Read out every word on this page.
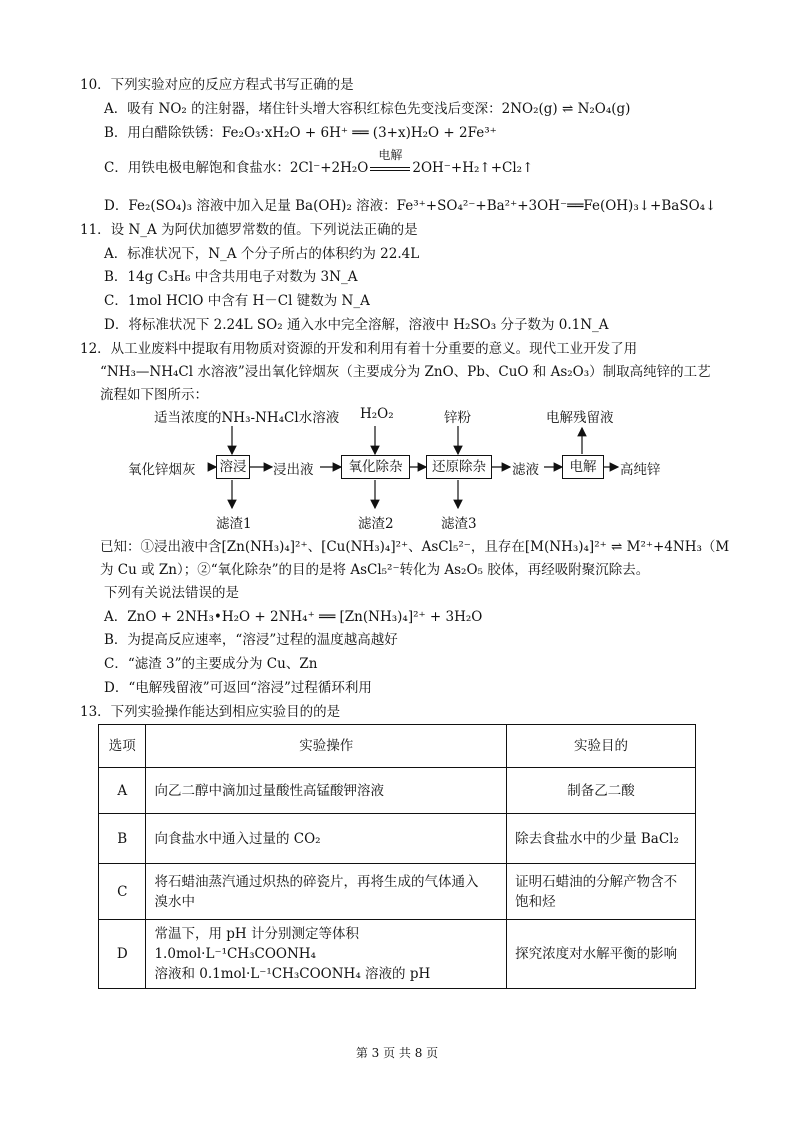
10．下列实验对应的反应方程式书写正确的是
A．吸有 NO₂ 的注射器，堵住针头增大容积红棕色先变浅后变深：2NO₂(g) ⇌ N₂O₄(g)
B．用白醋除铁锈：Fe₂O₃·xH₂O + 6H⁺ ══ (3+x)H₂O + 2Fe³⁺
C．用铁电极电解饱和食盐水：2Cl⁻+2H₂O
电解
2OH⁻+H₂↑+Cl₂↑
D．Fe₂(SO₄)₃ 溶液中加入足量 Ba(OH)₂ 溶液：Fe³⁺+SO₄²⁻+Ba²⁺+3OH⁻══Fe(OH)₃↓+BaSO₄↓
11．设 N_A 为阿伏加德罗常数的值。下列说法正确的是
A．标准状况下，N_A 个分子所占的体积约为 22.4L
B．14g C₃H₆ 中含共用电子对数为 3N_A
C．1mol HClO 中含有 H－Cl 键数为 N_A
D．将标准状况下 2.24L SO₂ 通入水中完全溶解，溶液中 H₂SO₃ 分子数为 0.1N_A
12．从工业废料中提取有用物质对资源的开发和利用有着十分重要的意义。现代工业开发了用
“NH₃—NH₄Cl 水溶液”浸出氧化锌烟灰（主要成分为 ZnO、Pb、CuO 和 As₂O₃）制取高纯锌的工艺
流程如下图所示：
适当浓度的NH₃-NH₄Cl水溶液 H₂O₂	锌粉	电解残留液
氧化锌烟灰 溶浸 浸出液	氧化除杂	还原除杂	滤液	电解	高纯锌
滤渣1	滤渣2	滤渣3
已知：①浸出液中含[Zn(NH₃)₄]²⁺、[Cu(NH₃)₄]²⁺、AsCl₅²⁻，且存在[M(NH₃)₄]²⁺ ⇌ M²⁺+4NH₃（M
为 Cu 或 Zn）；②“氧化除杂”的目的是将 AsCl₅²⁻转化为 As₂O₅ 胶体，再经吸附聚沉除去。
下列有关说法错误的是
A．ZnO + 2NH₃•H₂O + 2NH₄⁺ ══ [Zn(NH₃)₄]²⁺ + 3H₂O
B．为提高反应速率，“溶浸”过程的温度越高越好
C．“滤渣 3”的主要成分为 Cu、Zn
D．“电解残留液”可返回“溶浸”过程循环利用
13．下列实验操作能达到相应实验目的的是
选项	实验操作	实验目的
A	向乙二醇中滴加过量酸性高锰酸钾溶液	制备乙二酸
B	向食盐水中通入过量的 CO₂	除去食盐水中的少量 BaCl₂
C	将石蜡油蒸汽通过炽热的碎瓷片，再将生成的气体通入
溴水中	证明石蜡油的分解产物含不
饱和烃
D	常温下，用 pH 计分别测定等体积 1.0mol·L⁻¹CH₃COONH₄
溶液和 0.1mol·L⁻¹CH₃COONH₄ 溶液的 pH	探究浓度对水解平衡的影响
第 3 页 共 8 页
